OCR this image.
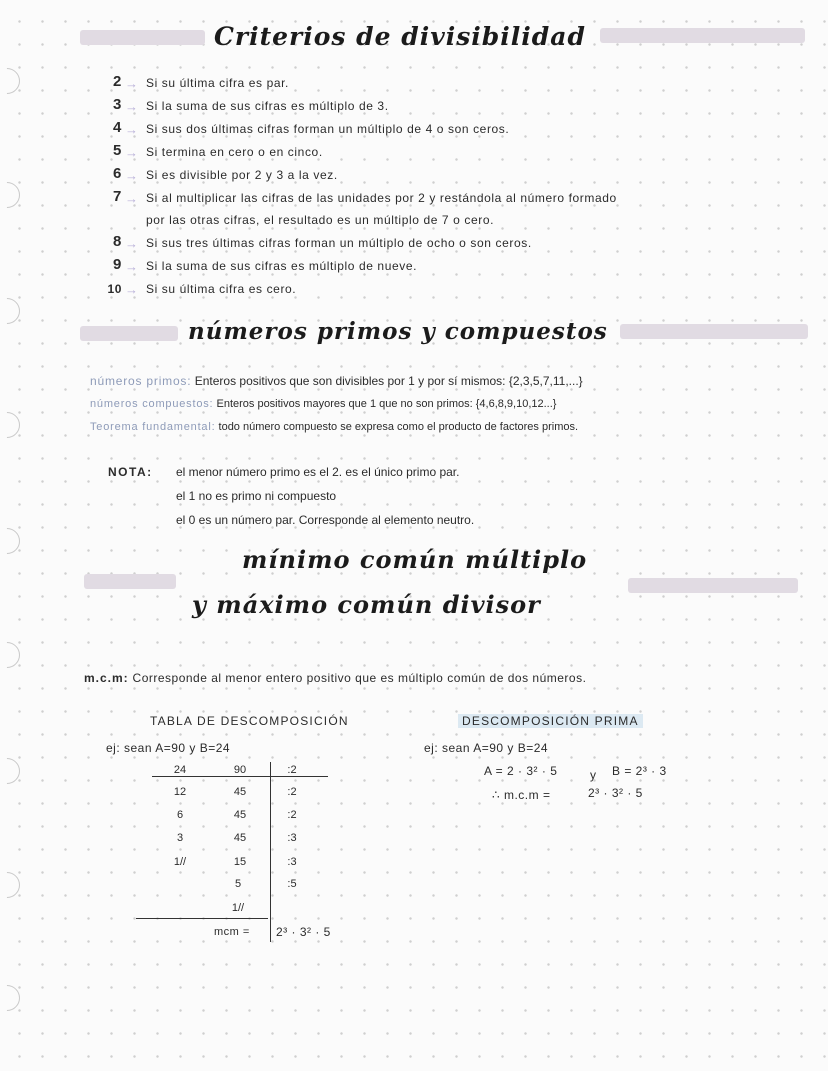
Criterios de divisibilidad
2 → Si su última cifra es par.
3 → Si la suma de sus cifras es múltiplo de 3.
4 → Si sus dos últimas cifras forman un múltiplo de 4 o son ceros.
5 → Si termina en cero o en cinco.
6 → Si es divisible por 2 y 3 a la vez.
7 → Si al multiplicar las cifras de las unidades por 2 y restándola al número formado
por las otras cifras, el resultado es un múltiplo de 7 o cero.
8 → Si sus tres últimas cifras forman un múltiplo de ocho o son ceros.
9 → Si la suma de sus cifras es múltiplo de nueve.
10 → Si su última cifra es cero.
números primos y compuestos
números primos: Enteros positivos que son divisibles por 1 y por sí mismos: {2,3,5,7,11,...}
números compuestos: Enteros positivos mayores que 1 que no son primos: {4,6,8,9,10,12...}
Teorema fundamental: todo número compuesto se expresa como el producto de factores primos.
NOTA: el menor número primo es el 2. es el único primo par.
el 1 no es primo ni compuesto
el 0 es un número par. Corresponde al elemento neutro.
mínimo común múltiplo
y máximo común divisor
m.c.m: Corresponde al menor entero positivo que es múltiplo común de dos números.
TABLA DE DESCOMPOSICIÓN
ej: sean A=90 y B=24
24
12
6
3
1//
90
45
45
45
15
5
1//
:2
:2
:2
:3
:3
:5
mcm = 2³ · 3² · 5
DESCOMPOSICIÓN PRIMA
ej: sean A=90 y B=24
A = 2 · 3² · 5	y B = 2³ · 3
∴ m.c.m =	2³ · 3² · 5
